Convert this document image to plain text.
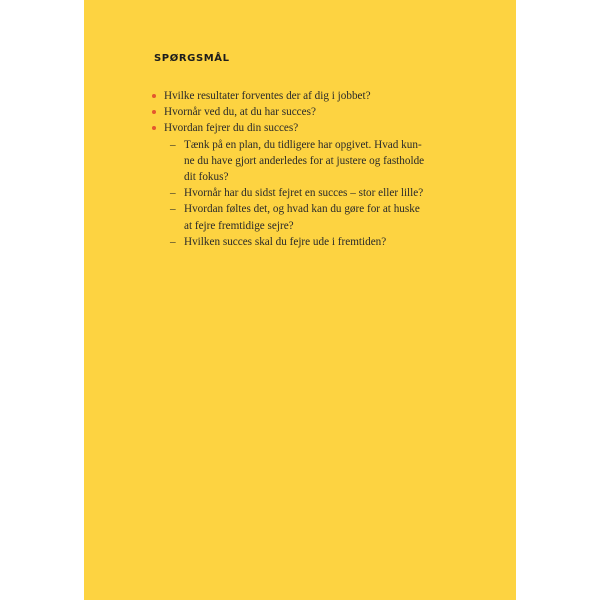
SPØRGSMÅL
Hvilke resultater forventes der af dig i jobbet?
Hvornår ved du, at du har succes?
Hvordan fejrer du din succes?
– Tænk på en plan, du tidligere har opgivet. Hvad kun-
ne du have gjort anderledes for at justere og fastholde
dit fokus?
– Hvornår har du sidst fejret en succes – stor eller lille?
– Hvordan føltes det, og hvad kan du gøre for at huske
at fejre fremtidige sejre?
– Hvilken succes skal du fejre ude i fremtiden?
